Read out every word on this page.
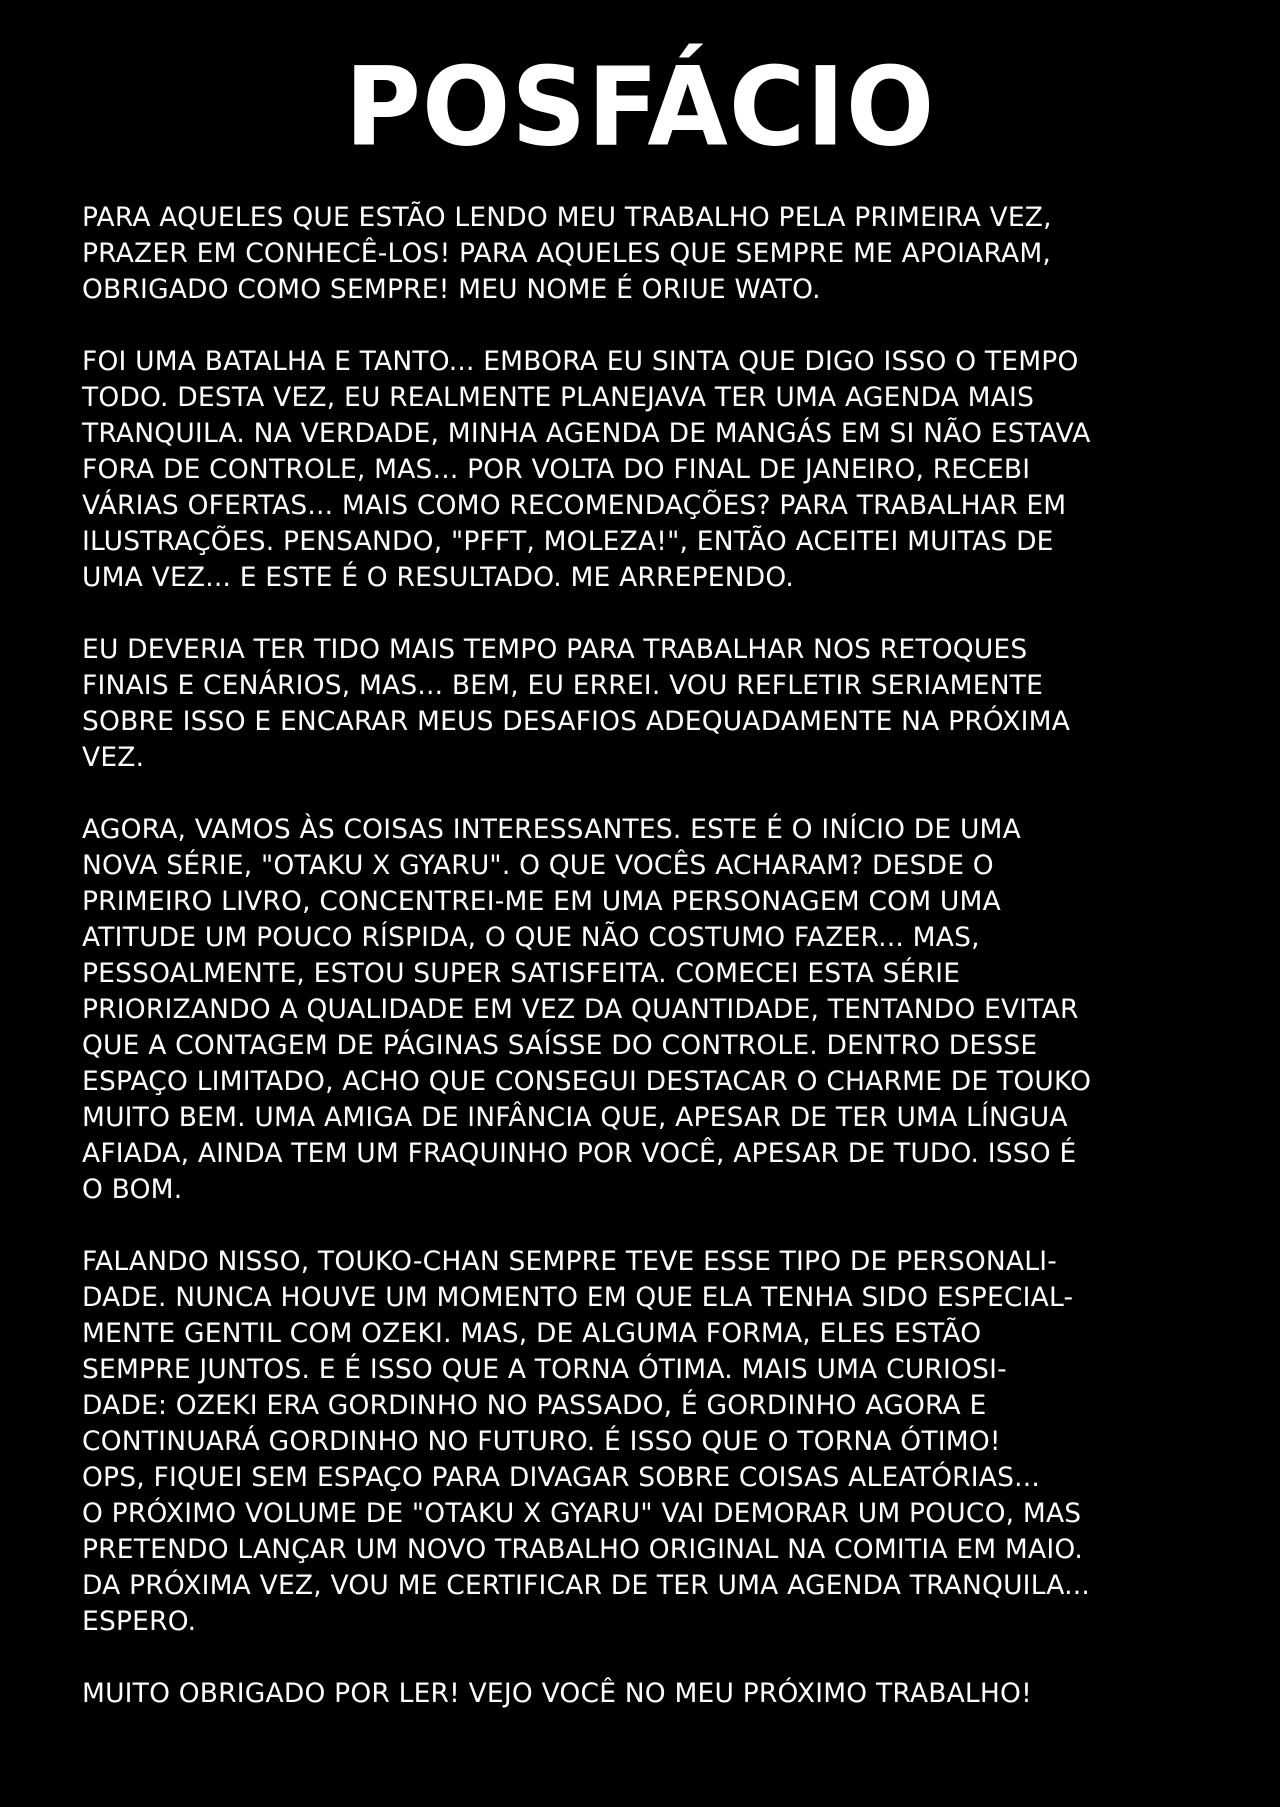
POSFÁCIO
PARA AQUELES QUE ESTÃO LENDO MEU TRABALHO PELA PRIMEIRA VEZ,
PRAZER EM CONHECÊ-LOS! PARA AQUELES QUE SEMPRE ME APOIARAM,
OBRIGADO COMO SEMPRE! MEU NOME É ORIUE WATO.
FOI UMA BATALHA E TANTO... EMBORA EU SINTA QUE DIGO ISSO O TEMPO
TODO. DESTA VEZ, EU REALMENTE PLANEJAVA TER UMA AGENDA MAIS
TRANQUILA. NA VERDADE, MINHA AGENDA DE MANGÁS EM SI NÃO ESTAVA
FORA DE CONTROLE, MAS... POR VOLTA DO FINAL DE JANEIRO, RECEBI
VÁRIAS OFERTAS... MAIS COMO RECOMENDAÇÕES? PARA TRABALHAR EM
ILUSTRAÇÕES. PENSANDO, "PFFT, MOLEZA!", ENTÃO ACEITEI MUITAS DE
UMA VEZ... E ESTE É O RESULTADO. ME ARREPENDO.
EU DEVERIA TER TIDO MAIS TEMPO PARA TRABALHAR NOS RETOQUES
FINAIS E CENÁRIOS, MAS... BEM, EU ERREI. VOU REFLETIR SERIAMENTE
SOBRE ISSO E ENCARAR MEUS DESAFIOS ADEQUADAMENTE NA PRÓXIMA
VEZ.
AGORA, VAMOS ÀS COISAS INTERESSANTES. ESTE É O INÍCIO DE UMA
NOVA SÉRIE, "OTAKU X GYARU". O QUE VOCÊS ACHARAM? DESDE O
PRIMEIRO LIVRO, CONCENTREI-ME EM UMA PERSONAGEM COM UMA
ATITUDE UM POUCO RÍSPIDA, O QUE NÃO COSTUMO FAZER... MAS,
PESSOALMENTE, ESTOU SUPER SATISFEITA. COMECEI ESTA SÉRIE
PRIORIZANDO A QUALIDADE EM VEZ DA QUANTIDADE, TENTANDO EVITAR
QUE A CONTAGEM DE PÁGINAS SAÍSSE DO CONTROLE. DENTRO DESSE
ESPAÇO LIMITADO, ACHO QUE CONSEGUI DESTACAR O CHARME DE TOUKO
MUITO BEM. UMA AMIGA DE INFÂNCIA QUE, APESAR DE TER UMA LÍNGUA
AFIADA, AINDA TEM UM FRAQUINHO POR VOCÊ, APESAR DE TUDO. ISSO É
O BOM.
FALANDO NISSO, TOUKO-CHAN SEMPRE TEVE ESSE TIPO DE PERSONALI-
DADE. NUNCA HOUVE UM MOMENTO EM QUE ELA TENHA SIDO ESPECIAL-
MENTE GENTIL COM OZEKI. MAS, DE ALGUMA FORMA, ELES ESTÃO
SEMPRE JUNTOS. E É ISSO QUE A TORNA ÓTIMA. MAIS UMA CURIOSI-
DADE: OZEKI ERA GORDINHO NO PASSADO, É GORDINHO AGORA E
CONTINUARÁ GORDINHO NO FUTURO. É ISSO QUE O TORNA ÓTIMO!
OPS, FIQUEI SEM ESPAÇO PARA DIVAGAR SOBRE COISAS ALEATÓRIAS...
O PRÓXIMO VOLUME DE "OTAKU X GYARU" VAI DEMORAR UM POUCO, MAS
PRETENDO LANÇAR UM NOVO TRABALHO ORIGINAL NA COMITIA EM MAIO.
DA PRÓXIMA VEZ, VOU ME CERTIFICAR DE TER UMA AGENDA TRANQUILA...
ESPERO.
MUITO OBRIGADO POR LER! VEJO VOCÊ NO MEU PRÓXIMO TRABALHO!
